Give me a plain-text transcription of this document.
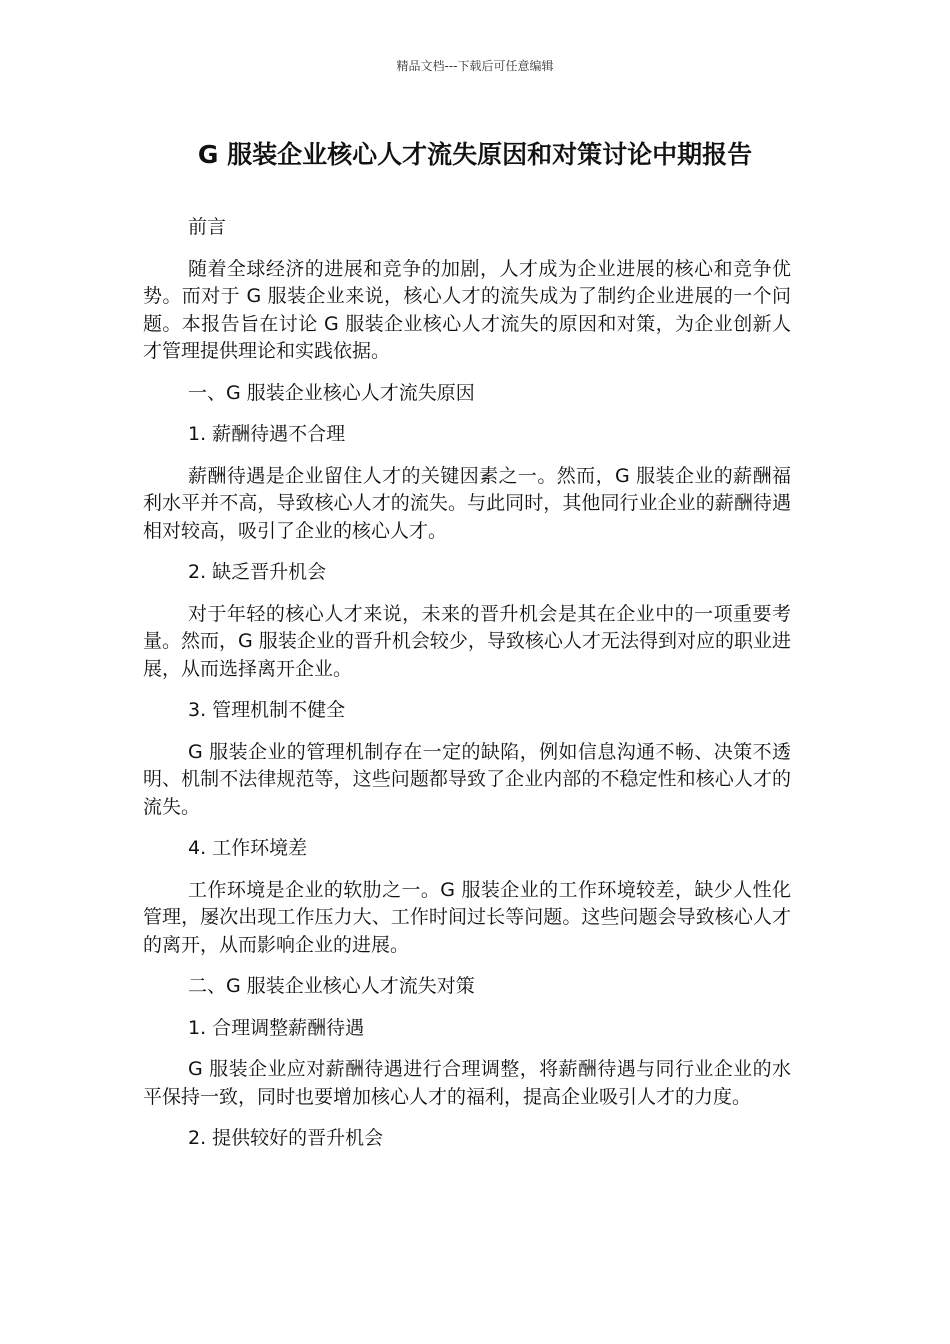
精品文档---下载后可任意编辑
G 服装企业核心人才流失原因和对策讨论中期报告

前言

随着全球经济的进展和竞争的加剧，人才成为企业进展的核心和竞争优势。而对于 G 服装企业来说，核心人才的流失成为了制约企业进展的一个问题。本报告旨在讨论 G 服装企业核心人才流失的原因和对策，为企业创新人才管理提供理论和实践依据。

一、G 服装企业核心人才流失原因

1. 薪酬待遇不合理

薪酬待遇是企业留住人才的关键因素之一。然而，G 服装企业的薪酬福利水平并不高，导致核心人才的流失。与此同时，其他同行业企业的薪酬待遇相对较高，吸引了企业的核心人才。

2. 缺乏晋升机会

对于年轻的核心人才来说，未来的晋升机会是其在企业中的一项重要考量。然而，G 服装企业的晋升机会较少，导致核心人才无法得到对应的职业进展，从而选择离开企业。

3. 管理机制不健全

G 服装企业的管理机制存在一定的缺陷，例如信息沟通不畅、决策不透明、机制不法律规范等，这些问题都导致了企业内部的不稳定性和核心人才的流失。

4. 工作环境差

工作环境是企业的软肋之一。G 服装企业的工作环境较差，缺少人性化管理，屡次出现工作压力大、工作时间过长等问题。这些问题会导致核心人才的离开，从而影响企业的进展。

二、G 服装企业核心人才流失对策

1. 合理调整薪酬待遇

G 服装企业应对薪酬待遇进行合理调整，将薪酬待遇与同行业企业的水平保持一致，同时也要增加核心人才的福利，提高企业吸引人才的力度。

2. 提供较好的晋升机会
